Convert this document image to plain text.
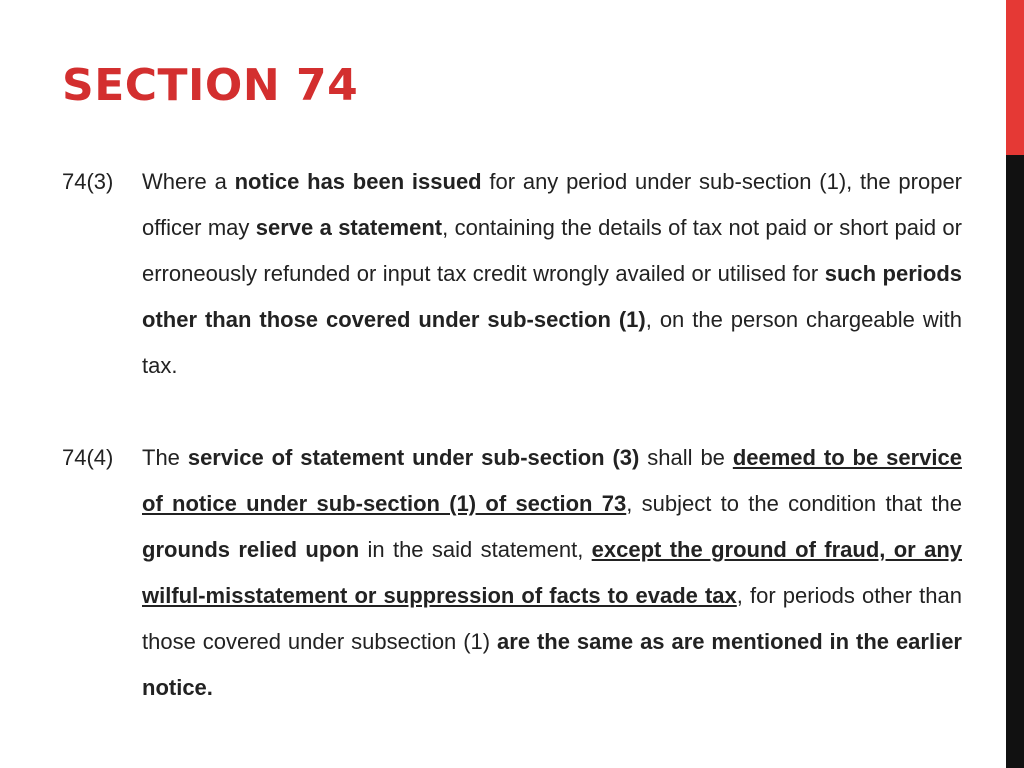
SECTION 74
74(3) Where a notice has been issued for any period under sub-section (1), the proper officer may serve a statement, containing the details of tax not paid or short paid or erroneously refunded or input tax credit wrongly availed or utilised for such periods other than those covered under sub-section (1), on the person chargeable with tax.
74(4) The service of statement under sub-section (3) shall be deemed to be service of notice under sub-section (1) of section 73, subject to the condition that the grounds relied upon in the said statement, except the ground of fraud, or any wilful-misstatement or suppression of facts to evade tax, for periods other than those covered under subsection (1) are the same as are mentioned in the earlier notice.
